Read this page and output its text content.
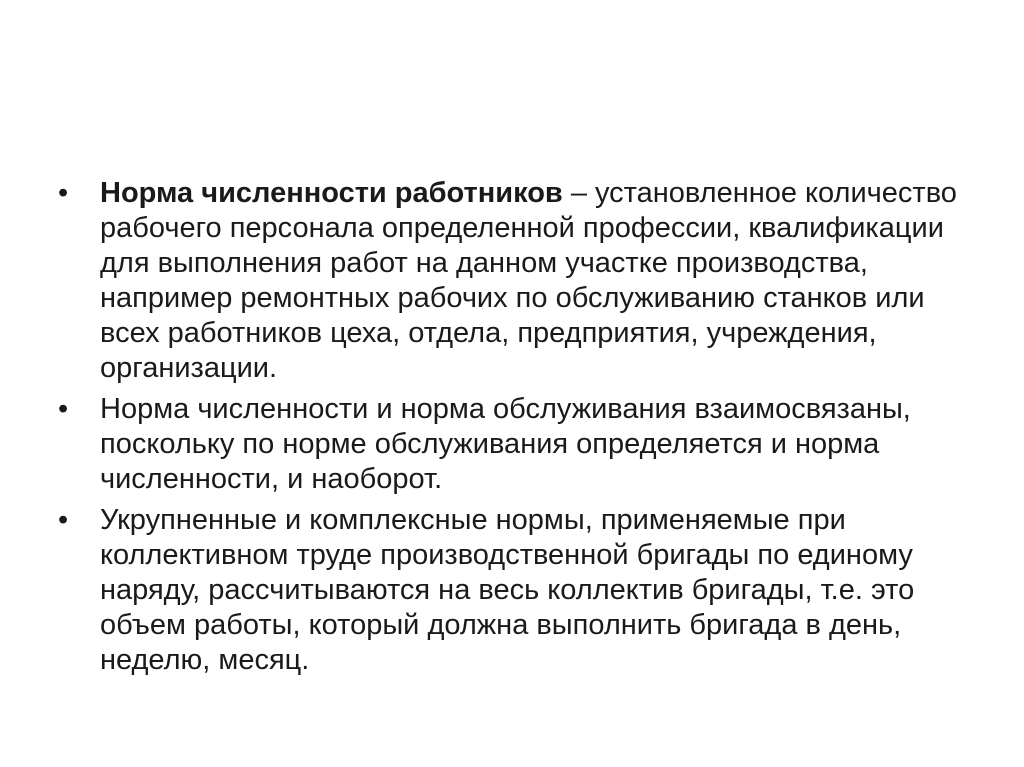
•	Норма численности работников – установленное количество рабочего персонала определенной профессии, квалификации для выполнения работ на данном участке производства, например ремонтных рабочих по обслуживанию станков или всех работников цеха, отдела, предприятия, учреждения, организации.
•	Норма численности и норма обслуживания взаимосвязаны, поскольку по норме обслуживания определяется и норма численности, и наоборот.
•	Укрупненные и комплексные нормы, применяемые при коллективном труде производственной бригады по единому наряду, рассчитываются на весь коллектив бригады, т.е. это объем работы, который должна выполнить бригада в день, неделю, месяц.
